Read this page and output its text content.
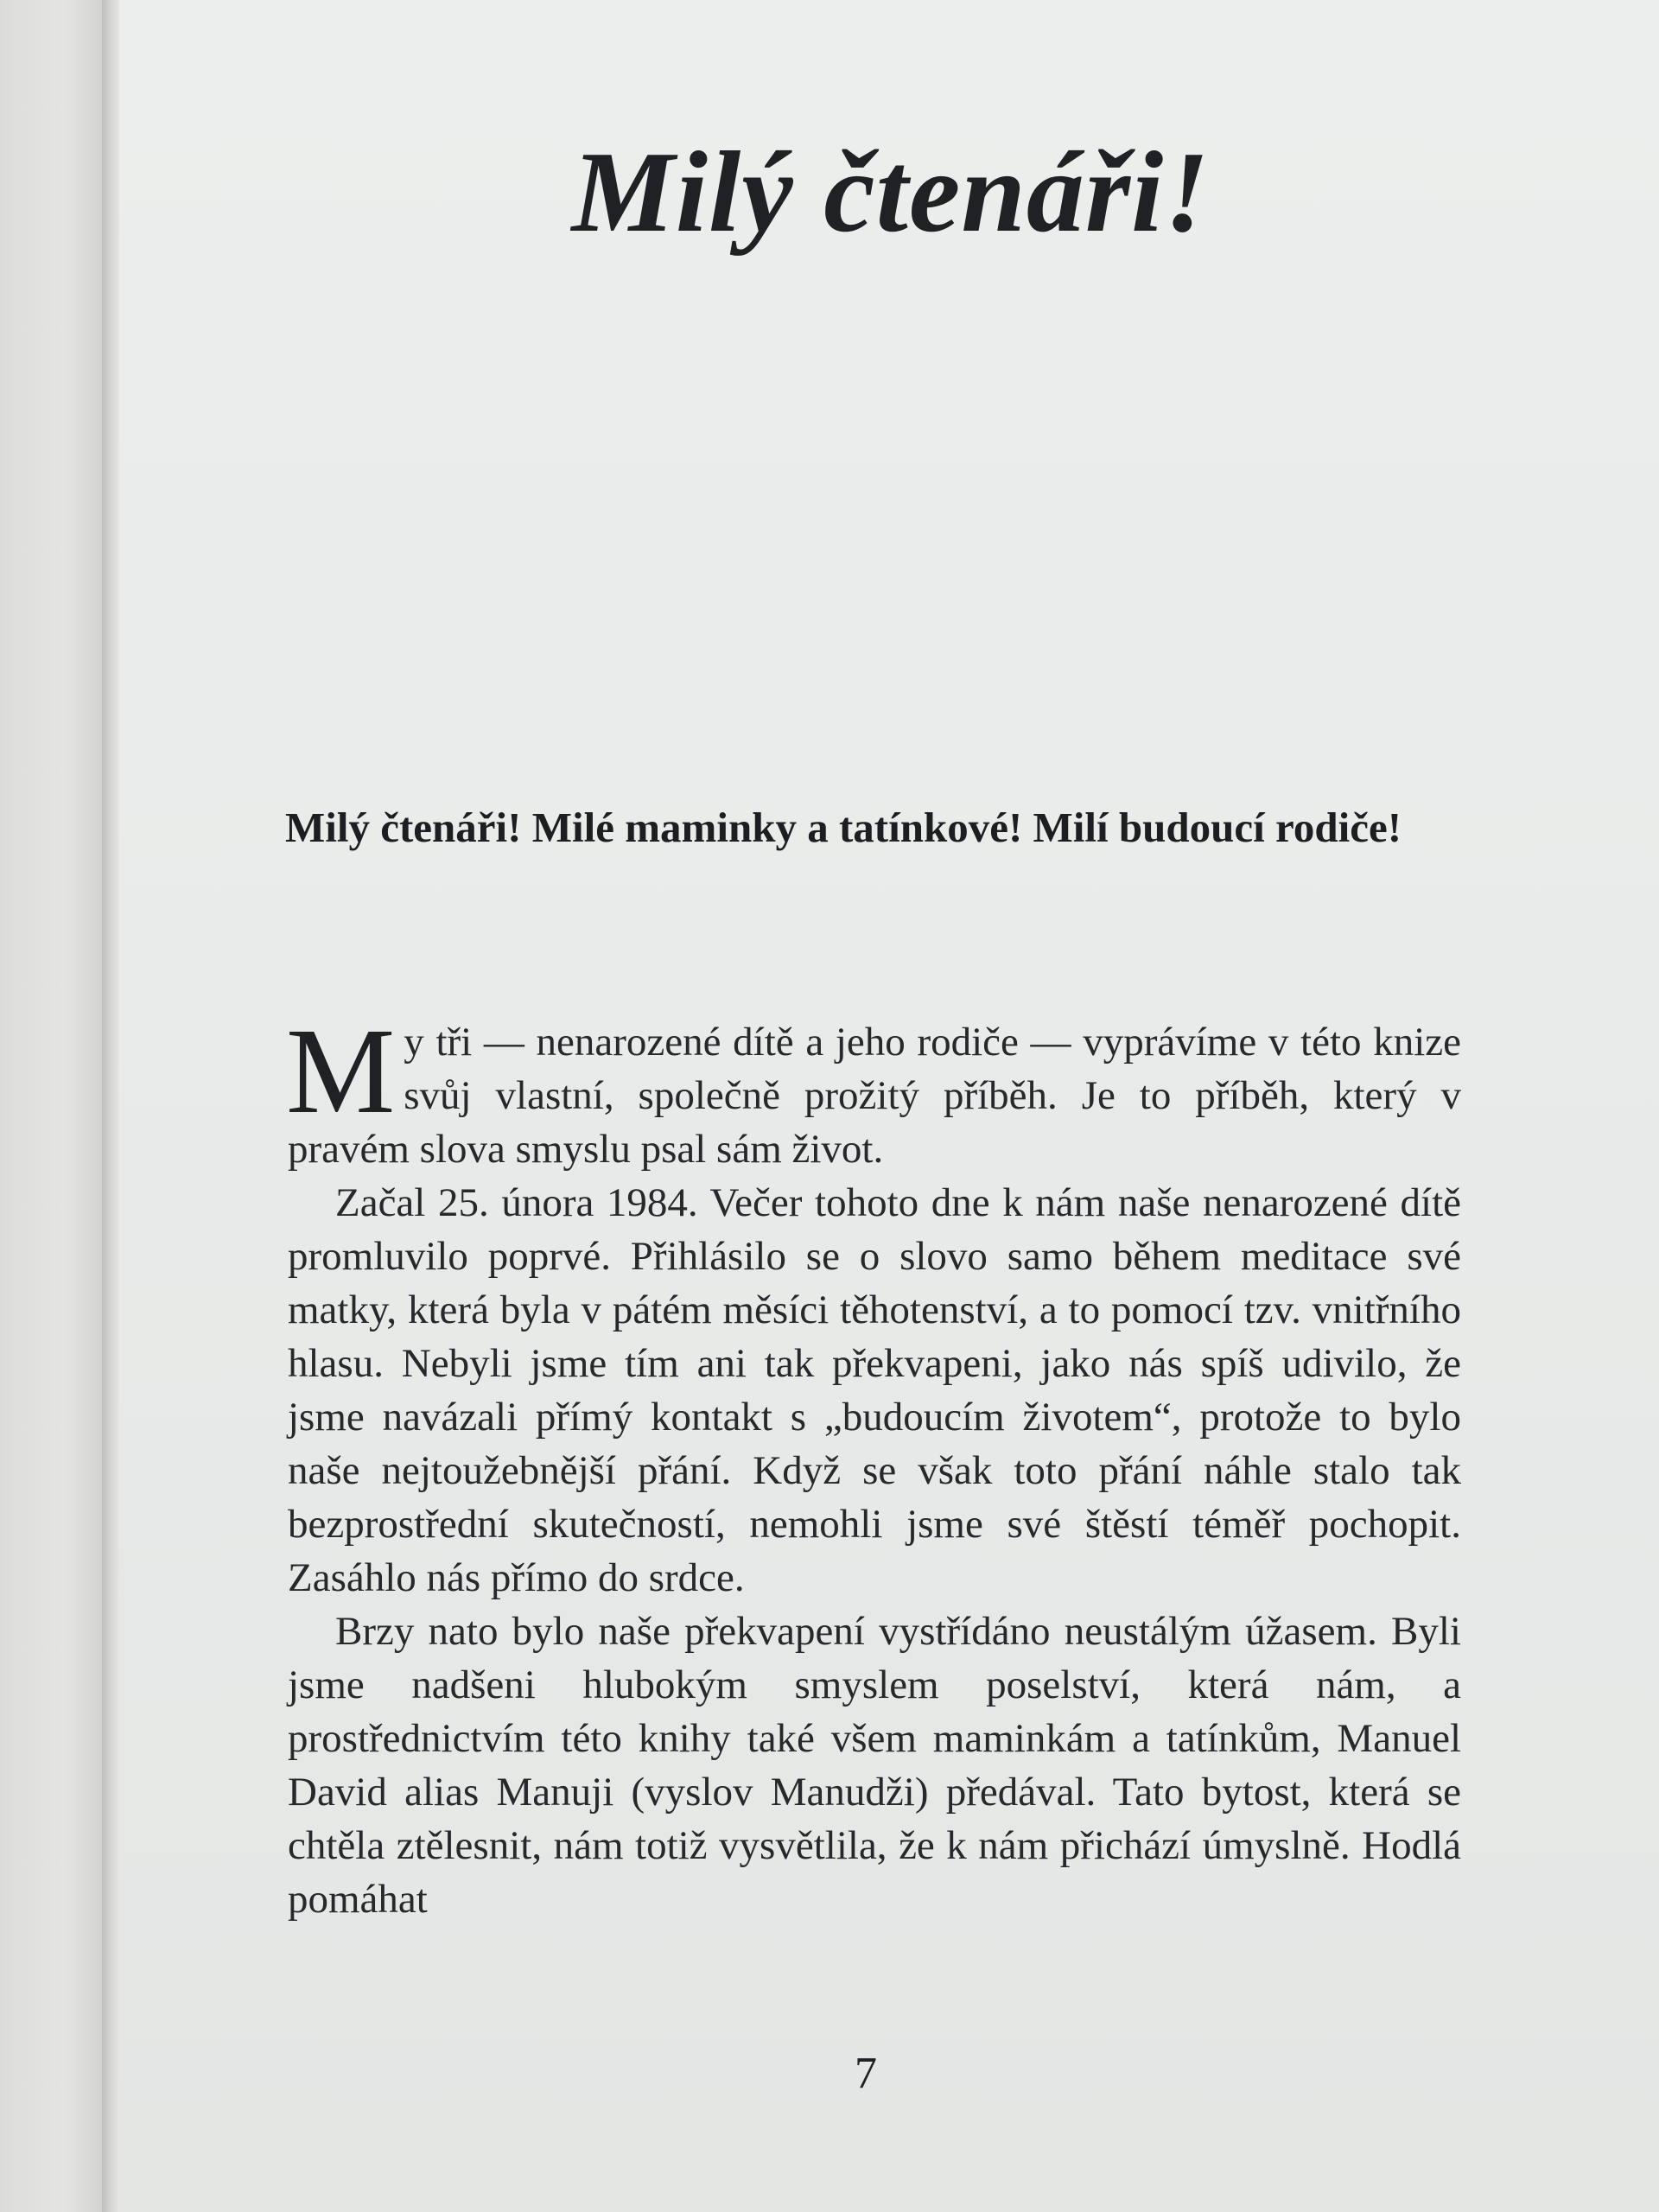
Milý čtenáři!

Milý čtenáři! Milé maminky a tatínkové! Milí budoucí rodiče!

My tři — nenarozené dítě a jeho rodiče — vyprávíme v této knize svůj vlastní, společně prožitý příběh. Je to příběh, který v pravém slova smyslu psal sám život.

Začal 25. února 1984. Večer tohoto dne k nám naše nenarozené dítě promluvilo poprvé. Přihlásilo se o slovo samo během meditace své matky, která byla v pátém měsíci těhotenství, a to pomocí tzv. vnitřního hlasu. Nebyli jsme tím ani tak překvapeni, jako nás spíš udivilo, že jsme navázali přímý kontakt s „budoucím životem“, protože to bylo naše nejtoužebnější přání. Když se však toto přání náhle stalo tak bezprostřední skutečností, nemohli jsme své štěstí téměř pochopit. Zasáhlo nás přímo do srdce.

Brzy nato bylo naše překvapení vystřídáno neustálým úžasem. Byli jsme nadšeni hlubokým smyslem poselství, která nám, a prostřednictvím této knihy také všem maminkám a tatínkům, Manuel David alias Manuji (vyslov Manudži) předával. Tato bytost, která se chtěla ztělesnit, nám totiž vysvětlila, že k nám přichází úmyslně. Hodlá pomáhat

7
